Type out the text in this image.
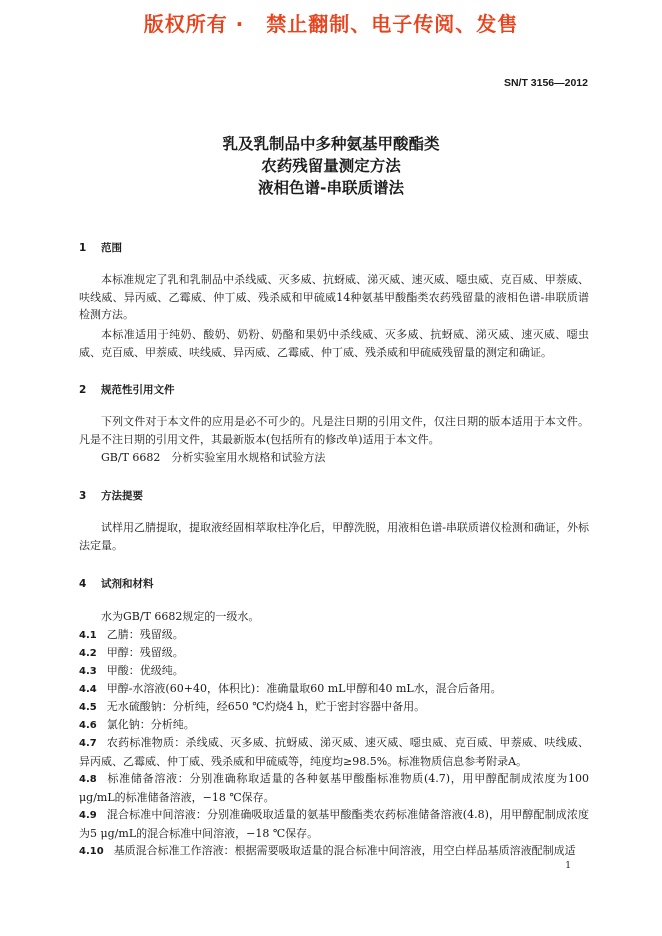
版权所有 · 禁止翻制、电子传阅、发售
SN/T 3156—2012
乳及乳制品中多种氨基甲酸酯类
农药残留量测定方法
液相色谱-串联质谱法
1 范围
本标准规定了乳和乳制品中杀线威、灭多威、抗蚜威、涕灭威、速灭威、噁虫威、克百威、甲萘威、呋线威、异丙威、乙霉威、仲丁威、残杀威和甲硫威14种氨基甲酸酯类农药残留量的液相色谱-串联质谱检测方法。
本标准适用于纯奶、酸奶、奶粉、奶酪和果奶中杀线威、灭多威、抗蚜威、涕灭威、速灭威、噁虫威、克百威、甲萘威、呋线威、异丙威、乙霉威、仲丁威、残杀威和甲硫威残留量的测定和确证。
2 规范性引用文件
下列文件对于本文件的应用是必不可少的。凡是注日期的引用文件，仅注日期的版本适用于本文件。凡是不注日期的引用文件，其最新版本(包括所有的修改单)适用于本文件。
GB/T 6682　分析实验室用水规格和试验方法
3 方法提要
试样用乙腈提取，提取液经固相萃取柱净化后，甲醇洗脱，用液相色谱-串联质谱仪检测和确证，外标法定量。
4 试剂和材料
水为GB/T 6682规定的一级水。
4.1 乙腈：残留级。
4.2 甲醇：残留级。
4.3 甲酸：优级纯。
4.4 甲醇-水溶液(60+40，体积比)：准确量取60 mL甲醇和40 mL水，混合后备用。
4.5 无水硫酸钠：分析纯，经650 ℃灼烧4 h，贮于密封容器中备用。
4.6 氯化钠：分析纯。
4.7 农药标准物质：杀线威、灭多威、抗蚜威、涕灭威、速灭威、噁虫威、克百威、甲萘威、呋线威、异丙威、乙霉威、仲丁威、残杀威和甲硫威等，纯度均≥98.5%。标准物质信息参考附录A。
4.8 标准储备溶液：分别准确称取适量的各种氨基甲酸酯标准物质(4.7)，用甲醇配制成浓度为100 μg/mL的标准储备溶液，−18 ℃保存。
4.9 混合标准中间溶液：分别准确吸取适量的氨基甲酸酯类农药标准储备溶液(4.8)，用甲醇配制成浓度为5 μg/mL的混合标准中间溶液，−18 ℃保存。
4.10 基质混合标准工作溶液：根据需要吸取适量的混合标准中间溶液，用空白样品基质溶液配制成适
1
